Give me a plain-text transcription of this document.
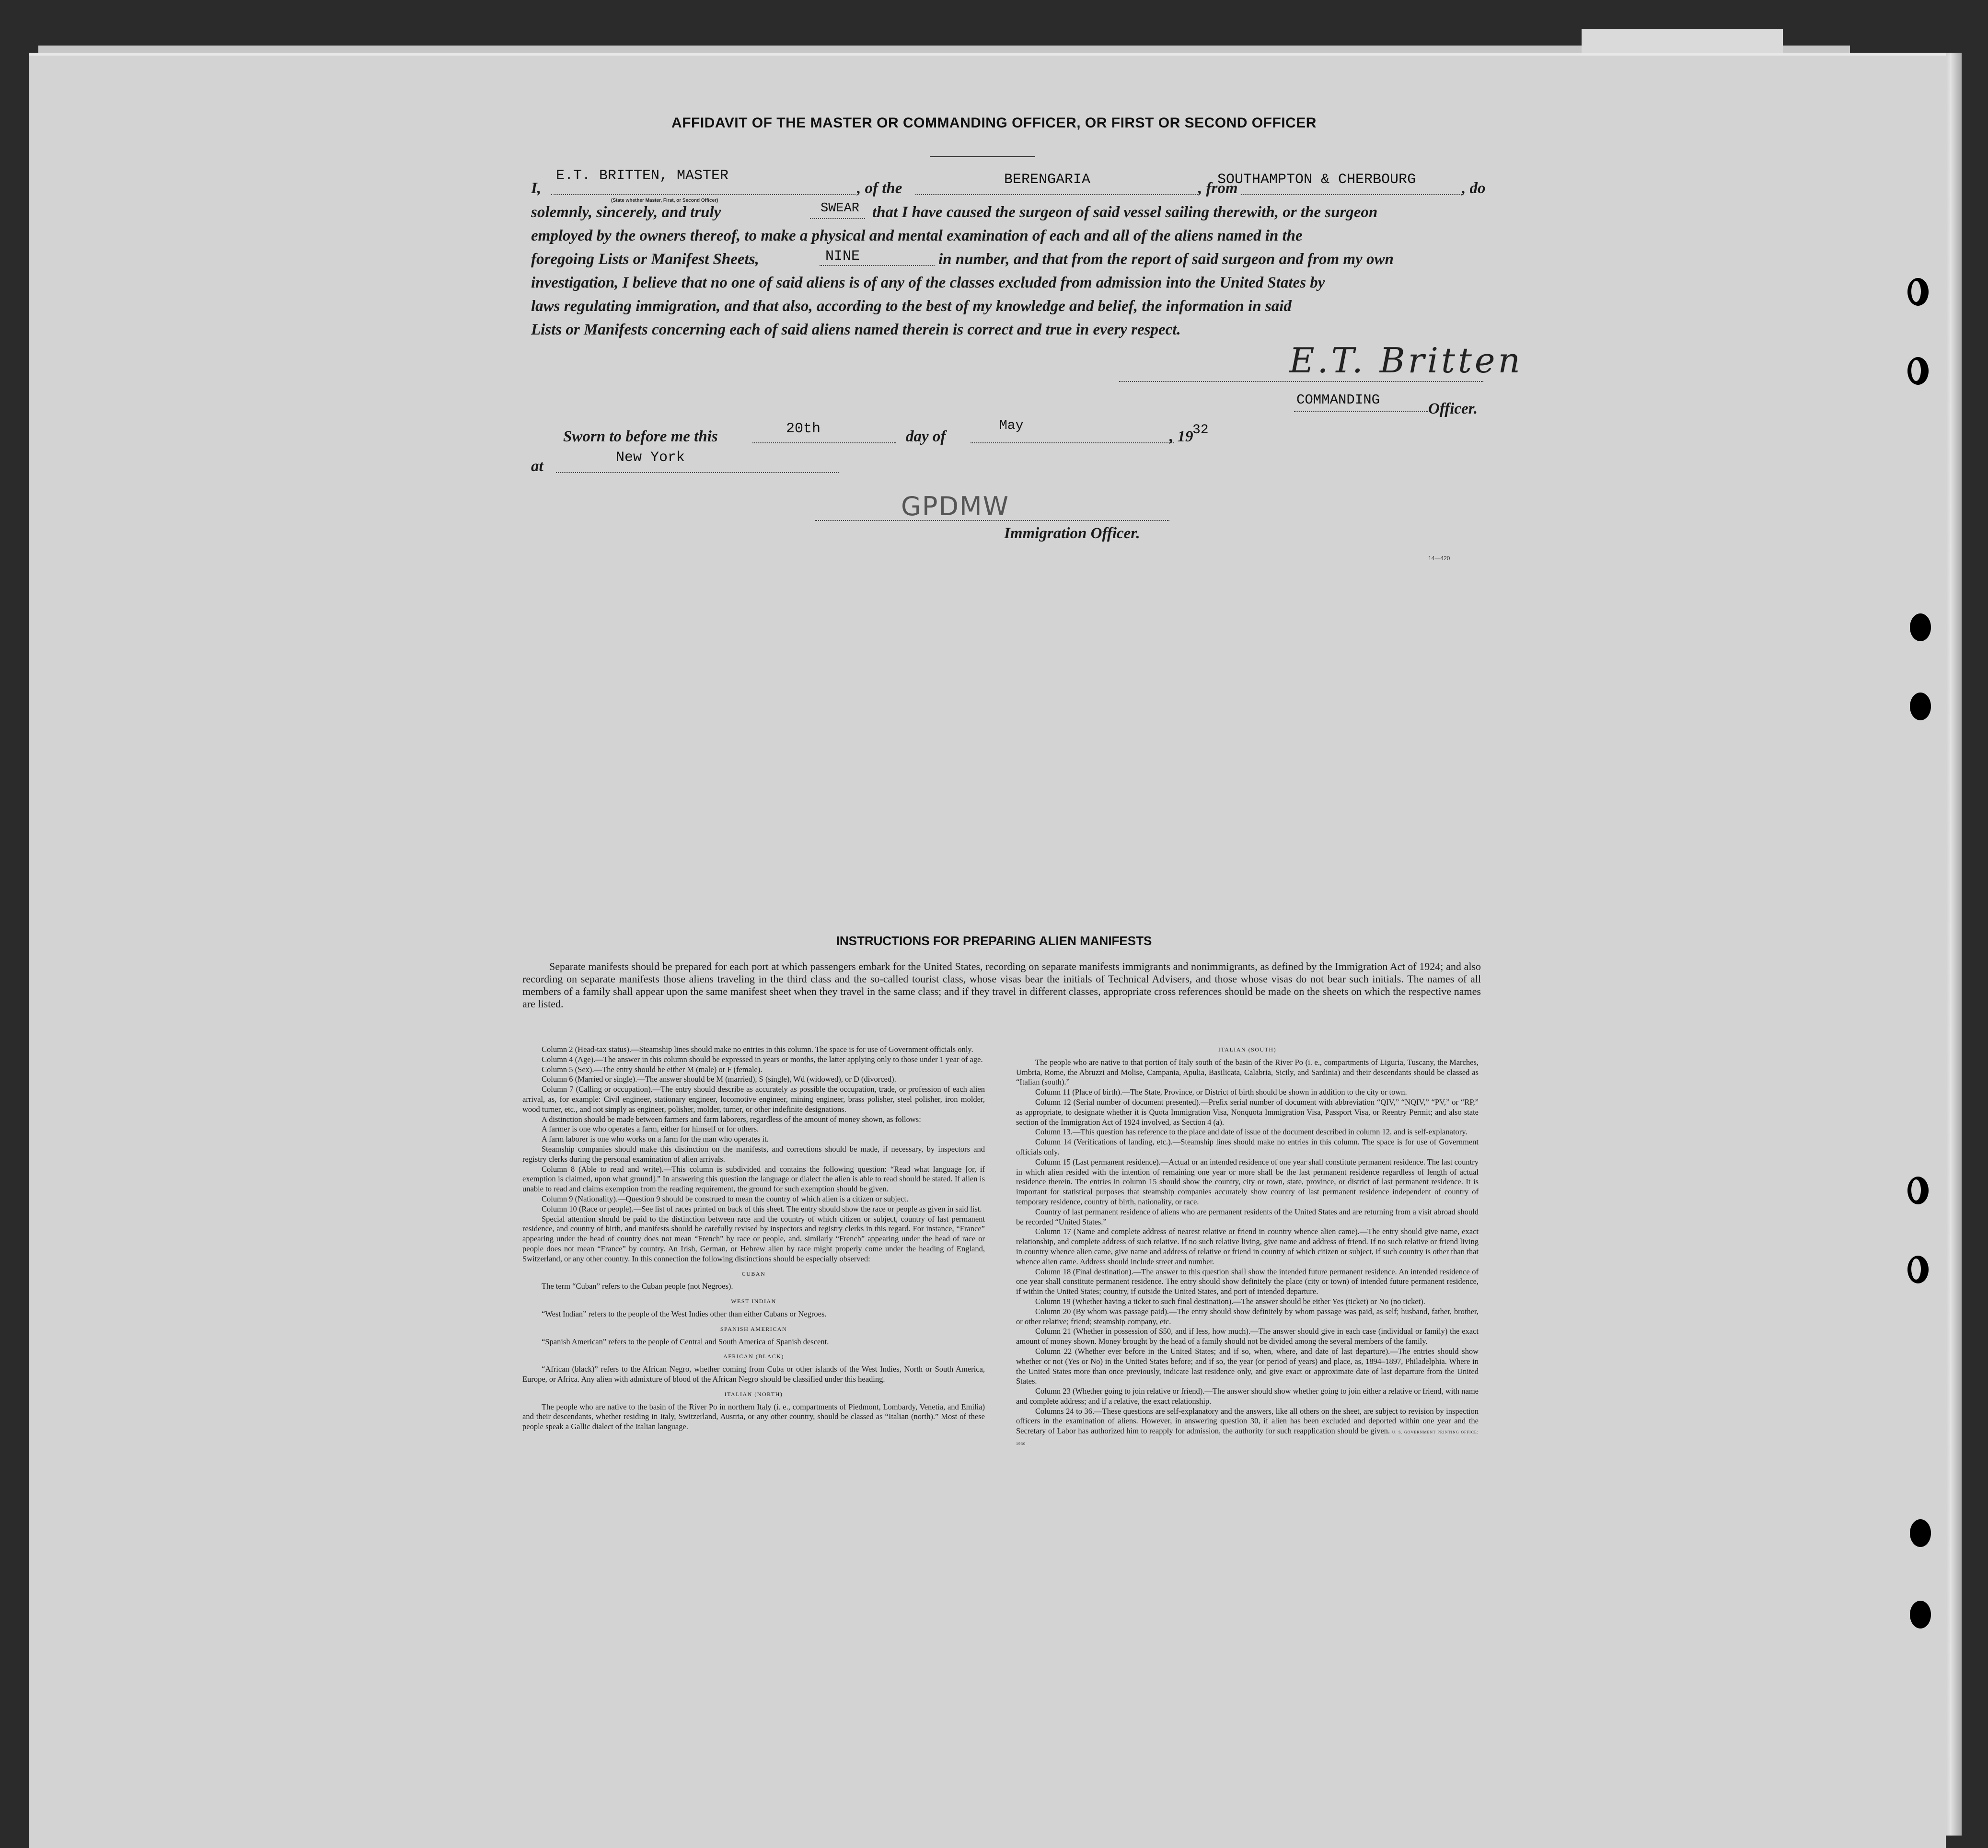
AFFIDAVIT OF THE MASTER OR COMMANDING OFFICER, OR FIRST OR SECOND OFFICER
I,
E.T. BRITTEN, MASTER
(State whether Master, First, or Second Officer)
, of the	BERENGARIA	, from
SOUTHAMPTON & CHERBOURG	, do
solemnly, sincerely, and truly	SWEAR that I have caused the surgeon of said vessel sailing therewith, or the surgeon
employed by the owners thereof, to make a physical and mental examination of each and all of the aliens named in the
foregoing Lists or Manifest Sheets,	NINE	in number, and that from the report of said surgeon and from my own
investigation, I believe that no one of said aliens is of any of the classes excluded from admission into the United States by
laws regulating immigration, and that also, according to the best of my knowledge and belief, the information in said
Lists or Manifests concerning each of said aliens named therein is correct and true in every respect.
E.T. Britten
COMMANDING
Officer.
Sworn to before me this	20th	day of
May
, 19
32
at	New York
GPDMW
Immigration Officer.
14—420
INSTRUCTIONS FOR PREPARING ALIEN MANIFESTS
Separate manifests should be prepared for each port at which passengers embark for the United States, recording on separate manifests immigrants and nonimmigrants, as defined by the Immigration Act of 1924; and also recording on separate manifests those aliens traveling in the third class and the so-called tourist class, whose visas bear the initials of Technical Advisers, and those whose visas do not bear such initials. The names of all members of a family shall appear upon the same manifest sheet when they travel in the same class; and if they travel in different classes, appropriate cross references should be made on the sheets on which the respective names are listed.

Column 2 (Head-tax status).—Steamship lines should make no entries in this column. The space is for use of Government officials only.

Column 4 (Age).—The answer in this column should be expressed in years or months, the latter applying only to those under 1 year of age.

Column 5 (Sex).—The entry should be either M (male) or F (female).

Column 6 (Married or single).—The answer should be M (married), S (single), Wd (widowed), or D (divorced).

Column 7 (Calling or occupation).—The entry should describe as accurately as possible the occupation, trade, or profession of each alien arrival, as, for example: Civil engineer, stationary engineer, locomotive engineer, mining engineer, brass polisher, steel polisher, iron molder, wood turner, etc., and not simply as engineer, polisher, molder, turner, or other indefinite designations.

A distinction should be made between farmers and farm laborers, regardless of the amount of money shown, as follows:

A farmer is one who operates a farm, either for himself or for others.

A farm laborer is one who works on a farm for the man who operates it.

Steamship companies should make this distinction on the manifests, and corrections should be made, if necessary, by inspectors and registry clerks during the personal examination of alien arrivals.

Column 8 (Able to read and write).—This column is subdivided and contains the following question: “Read what language [or, if exemption is claimed, upon what ground].” In answering this question the language or dialect the alien is able to read should be stated. If alien is unable to read and claims exemption from the reading requirement, the ground for such exemption should be given.

Column 9 (Nationality).—Question 9 should be construed to mean the country of which alien is a citizen or subject.

Column 10 (Race or people).—See list of races printed on back of this sheet. The entry should show the race or people as given in said list.

Special attention should be paid to the distinction between race and the country of which citizen or subject, country of last permanent residence, and country of birth, and manifests should be carefully revised by inspectors and registry clerks in this regard. For instance, “France” appearing under the head of country does not mean “French” by race or people, and, similarly “French” appearing under the head of race or people does not mean “France” by country. An Irish, German, or Hebrew alien by race might properly come under the heading of England, Switzerland, or any other country. In this connection the following distinctions should be especially observed:

CUBAN

The term “Cuban” refers to the Cuban people (not Negroes).

WEST INDIAN

“West Indian” refers to the people of the West Indies other than either Cubans or Negroes.

SPANISH AMERICAN

“Spanish American” refers to the people of Central and South America of Spanish descent.

AFRICAN (BLACK)

“African (black)” refers to the African Negro, whether coming from Cuba or other islands of the West Indies, North or South America, Europe, or Africa. Any alien with admixture of blood of the African Negro should be classified under this heading.

ITALIAN (NORTH)

The people who are native to the basin of the River Po in northern Italy (i. e., compartments of Piedmont, Lombardy, Venetia, and Emilia) and their descendants, whether residing in Italy, Switzerland, Austria, or any other country, should be classed as “Italian (north).” Most of these people speak a Gallic dialect of the Italian language.

ITALIAN (SOUTH)

The people who are native to that portion of Italy south of the basin of the River Po (i. e., compartments of Liguria, Tuscany, the Marches, Umbria, Rome, the Abruzzi and Molise, Campania, Apulia, Basilicata, Calabria, Sicily, and Sardinia) and their descendants should be classed as “Italian (south).”

Column 11 (Place of birth).—The State, Province, or District of birth should be shown in addition to the city or town.

Column 12 (Serial number of document presented).—Prefix serial number of document with abbreviation “QIV,” “NQIV,” “PV,” or “RP,” as appropriate, to designate whether it is Quota Immigration Visa, Nonquota Immigration Visa, Passport Visa, or Reentry Permit; and also state section of the Immigration Act of 1924 involved, as Section 4 (a).

Column 13.—This question has reference to the place and date of issue of the document described in column 12, and is self-explanatory.

Column 14 (Verifications of landing, etc.).—Steamship lines should make no entries in this column. The space is for use of Government officials only.

Column 15 (Last permanent residence).—Actual or an intended residence of one year shall constitute permanent residence. The last country in which alien resided with the intention of remaining one year or more shall be the last permanent residence regardless of length of actual residence therein. The entries in column 15 should show the country, city or town, state, province, or district of last permanent residence. It is important for statistical purposes that steamship companies accurately show country of last permanent residence independent of country of temporary residence, country of birth, nationality, or race.

Country of last permanent residence of aliens who are permanent residents of the United States and are returning from a visit abroad should be recorded “United States.”

Column 17 (Name and complete address of nearest relative or friend in country whence alien came).—The entry should give name, exact relationship, and complete address of such relative. If no such relative living, give name and address of friend. If no such relative or friend living in country whence alien came, give name and address of relative or friend in country of which citizen or subject, if such country is other than that whence alien came. Address should include street and number.

Column 18 (Final destination).—The answer to this question shall show the intended future permanent residence. An intended residence of one year shall constitute permanent residence. The entry should show definitely the place (city or town) of intended future permanent residence, if within the United States; country, if outside the United States, and port of intended departure.

Column 19 (Whether having a ticket to such final destination).—The answer should be either Yes (ticket) or No (no ticket).

Column 20 (By whom was passage paid).—The entry should show definitely by whom passage was paid, as self; husband, father, brother, or other relative; friend; steamship company, etc.

Column 21 (Whether in possession of $50, and if less, how much).—The answer should give in each case (individual or family) the exact amount of money shown. Money brought by the head of a family should not be divided among the several members of the family.

Column 22 (Whether ever before in the United States; and if so, when, where, and date of last departure).—The entries should show whether or not (Yes or No) in the United States before; and if so, the year (or period of years) and place, as, 1894–1897, Philadelphia. Where in the United States more than once previously, indicate last residence only, and give exact or approximate date of last departure from the United States.

Column 23 (Whether going to join relative or friend).—The answer should show whether going to join either a relative or friend, with name and complete address; and if a relative, the exact relationship.

Columns 24 to 36.—These questions are self-explanatory and the answers, like all others on the sheet, are subject to revision by inspection officers in the examination of aliens. However, in answering question 30, if alien has been excluded and deported within one year and the Secretary of Labor has authorized him to reapply for admission, the authority for such reapplication should be given. U. S. GOVERNMENT PRINTING OFFICE: 1930
